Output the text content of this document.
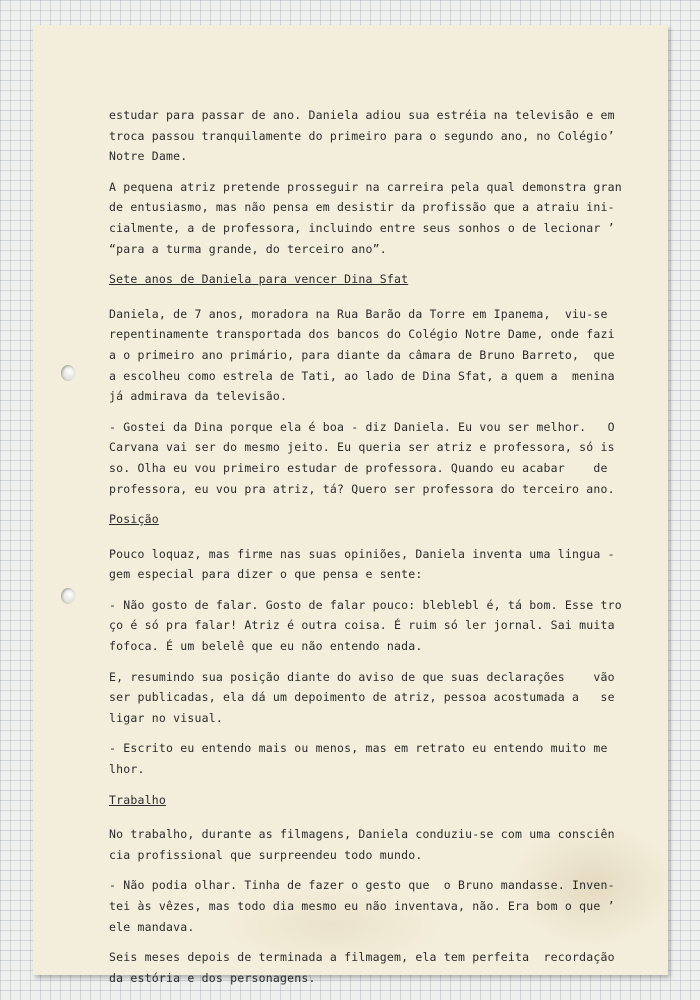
estudar para passar de ano. Daniela adiou sua estréia na televisão e em
troca passou tranquilamente do primeiro para o segundo ano, no Colégio’
Notre Dame.

A pequena atriz pretende prosseguir na carreira pela qual demonstra gran
de entusiasmo, mas não pensa em desistir da profissão que a atraiu ini-
cialmente, a de professora, incluindo entre seus sonhos o de lecionar ’
“para a turma grande, do terceiro ano”.

Sete anos de Daniela para vencer Dina Sfat

Daniela, de 7 anos, moradora na Rua Barão da Torre em Ipanema,  viu-se
repentinamente transportada dos bancos do Colégio Notre Dame, onde fazi
a o primeiro ano primário, para diante da câmara de Bruno Barreto,  que
a escolheu como estrela de Tati, ao lado de Dina Sfat, a quem a  menina
já admirava da televisão.

- Gostei da Dina porque ela é boa - diz Daniela. Eu vou ser melhor.   O
Carvana vai ser do mesmo jeito. Eu queria ser atriz e professora, só is
so. Olha eu vou primeiro estudar de professora. Quando eu acabar    de
professora, eu vou pra atriz, tá? Quero ser professora do terceiro ano.

Posição

Pouco loquaz, mas firme nas suas opiniões, Daniela inventa uma lingua -
gem especial para dizer o que pensa e sente:

- Não gosto de falar. Gosto de falar pouco: bleblebl é, tá bom. Esse tro
ço é só pra falar! Atriz é outra coisa. É ruim só ler jornal. Sai muita
fofoca. É um belelê que eu não entendo nada.

E, resumindo sua posição diante do aviso de que suas declarações    vão
ser publicadas, ela dá um depoimento de atriz, pessoa acostumada a   se
ligar no visual.

- Escrito eu entendo mais ou menos, mas em retrato eu entendo muito me
lhor.

Trabalho

No trabalho, durante as filmagens, Daniela conduziu-se com uma consciên
cia profissional que surpreendeu todo mundo.

- Não podia olhar. Tinha de fazer o gesto que  o Bruno mandasse. Inven-
tei às vêzes, mas todo dia mesmo eu não inventava, não. Era bom o que ’
ele mandava.

Seis meses depois de terminada a filmagem, ela tem perfeita  recordação
da estória e dos personagens.
